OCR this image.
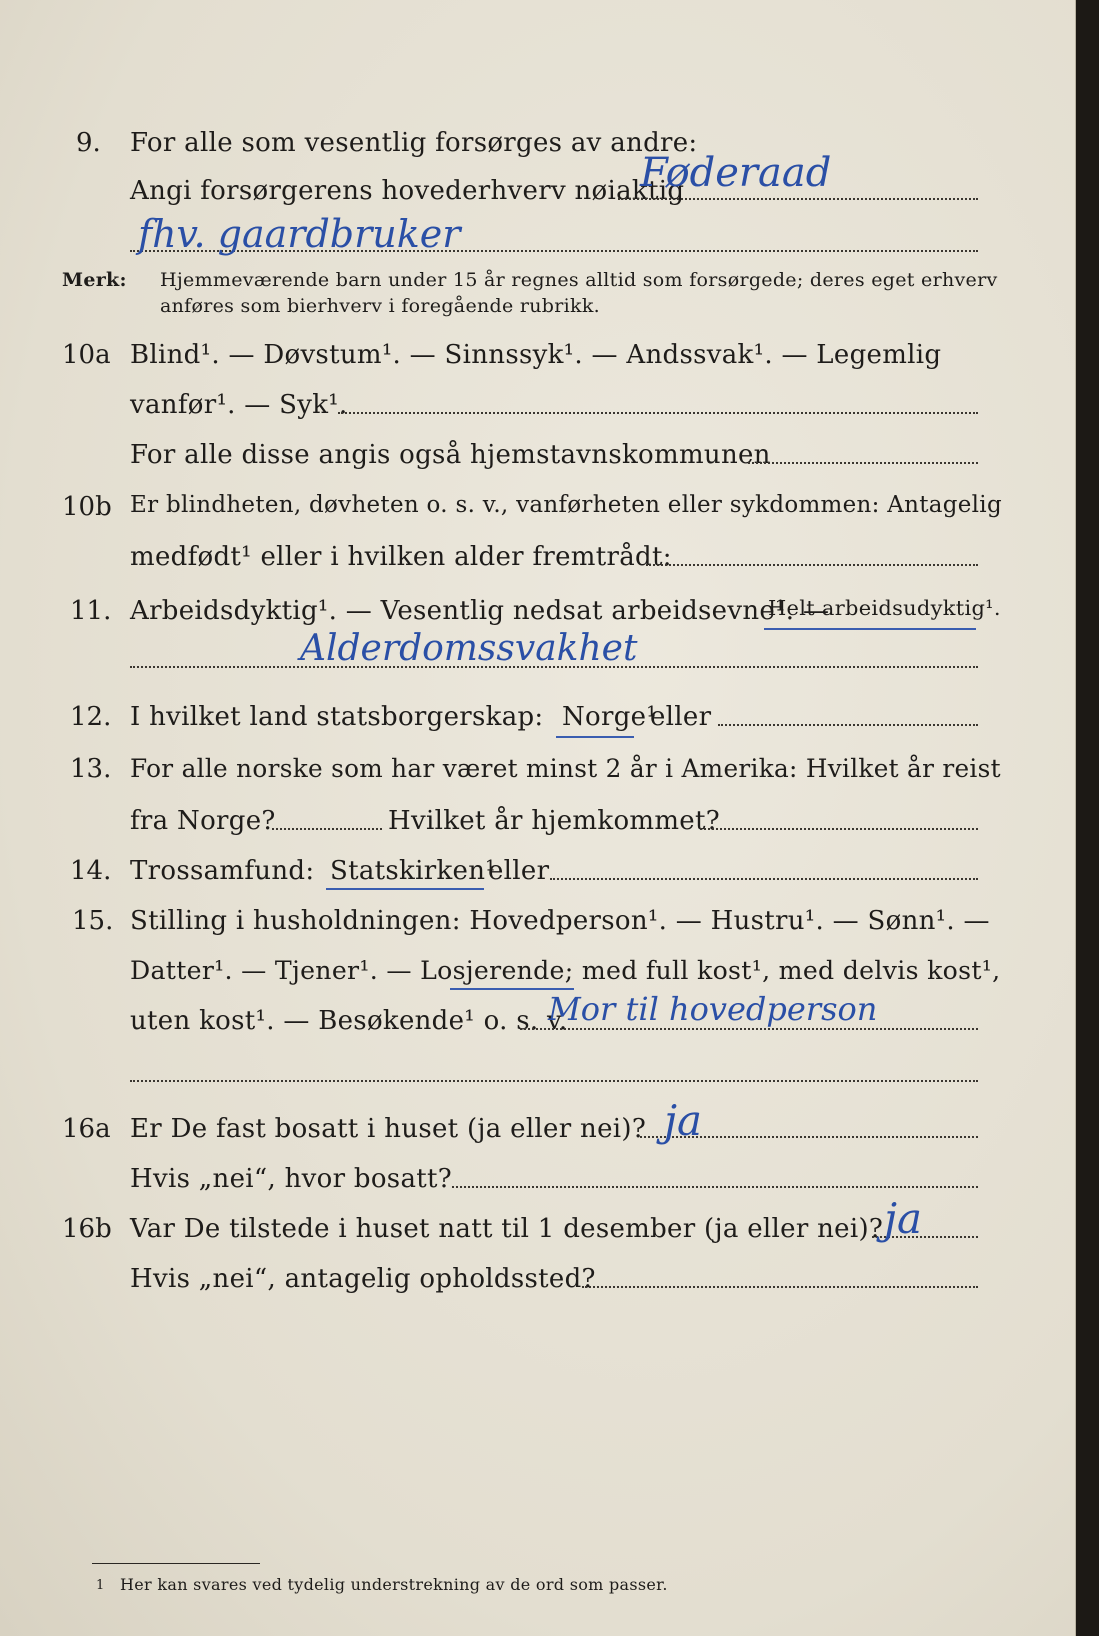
9. For alle som vesentlig forsørges av andre:
Angi forsørgerens hovederhverv nøiaktig
Føderaad
fhv. gaardbruker
Merk: Hjemmeværende barn under 15 år regnes alltid som forsørgede; deres eget erhverv
anføres som bierhverv i foregående rubrikk.
10a Blind¹. — Døvstum¹. — Sinnssyk¹. — Andssvak¹. — Legemlig
vanfør¹. — Syk¹.
For alle disse angis også hjemstavnskommunen
10b Er blindheten, døvheten o. s. v., vanførheten eller sykdommen: Antagelig
medfødt¹ eller i hvilken alder fremtrådt:
11. Arbeidsdyktig¹. — Vesentlig nedsat arbeidsevne¹. —
Helt arbeidsudyktig¹.
Alderdomssvakhet
12. I hvilket land statsborgerskap: Norge¹
eller
13. For alle norske som har været minst 2 år i Amerika: Hvilket år reist
fra Norge?	Hvilket år hjemkommet?
14. Trossamfund: Statskirken¹
eller
15. Stilling i husholdningen: Hovedperson¹. — Hustru¹. — Sønn¹. —
Datter¹. — Tjener¹. — Losjerende; med full kost¹, med delvis kost¹,
uten kost¹. — Besøkende¹ o. s. v.
Mor til hovedperson
16a Er De fast bosatt i huset (ja eller nei)? ja
Hvis „nei“, hvor bosatt?
16b Var De tilstede i huset natt til 1 desember (ja eller nei)? ja
Hvis „nei“, antagelig opholdssted?
1 Her kan svares ved tydelig understrekning av de ord som passer.
